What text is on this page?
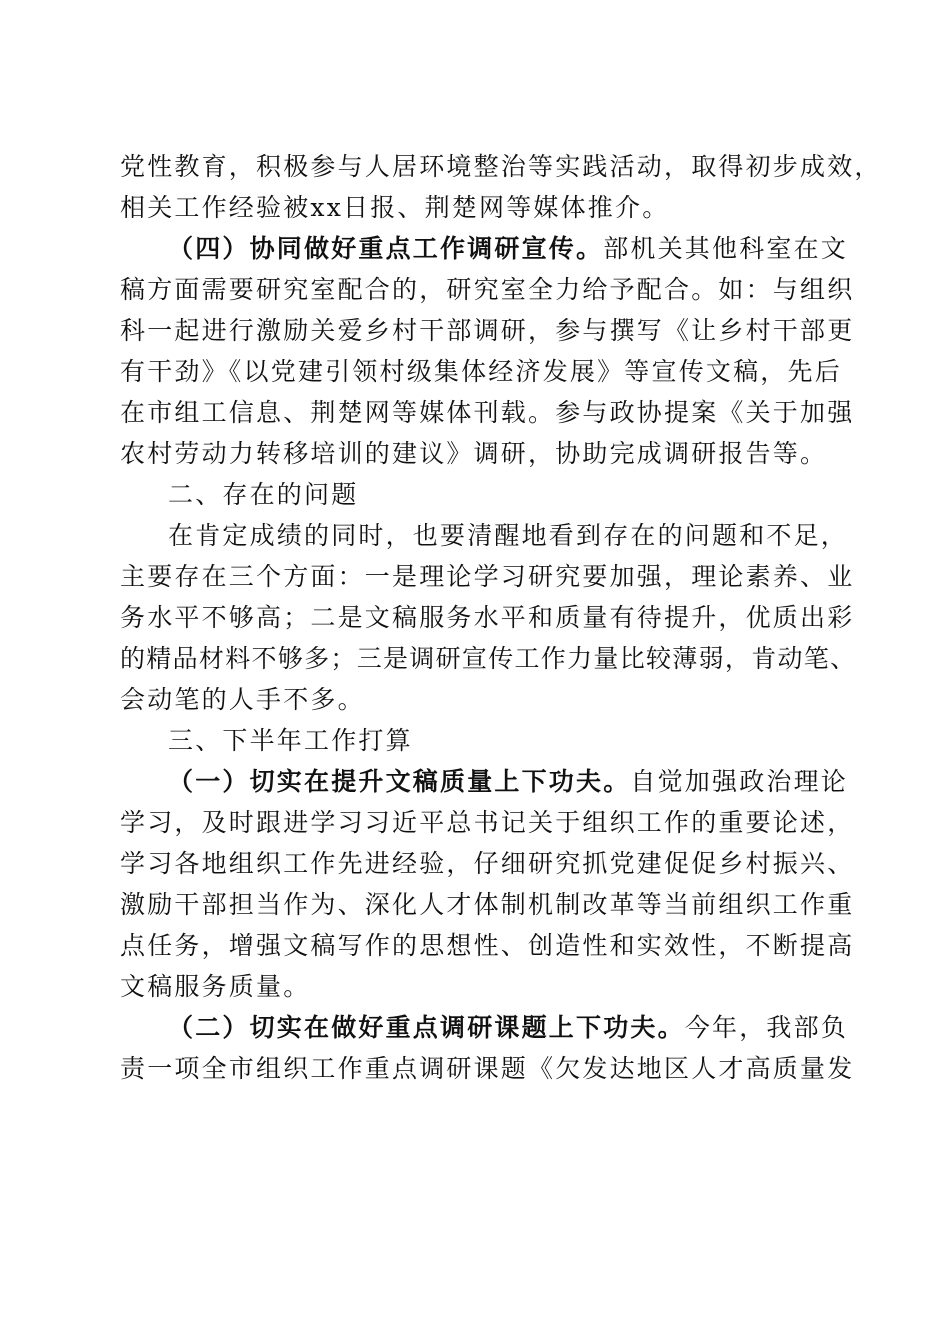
党性教育，积极参与人居环境整治等实践活动，取得初步成效，
相关工作经验被xx日报、荆楚网等媒体推介。
（四）协同做好重点工作调研宣传。部机关其他科室在文
稿方面需要研究室配合的，研究室全力给予配合。如：与组织
科一起进行激励关爱乡村干部调研，参与撰写《让乡村干部更
有干劲》《以党建引领村级集体经济发展》等宣传文稿，先后
在市组工信息、荆楚网等媒体刊载。参与政协提案《关于加强
农村劳动力转移培训的建议》调研，协助完成调研报告等。
二、存在的问题
在肯定成绩的同时，也要清醒地看到存在的问题和不足，
主要存在三个方面：一是理论学习研究要加强，理论素养、业
务水平不够高；二是文稿服务水平和质量有待提升，优质出彩
的精品材料不够多；三是调研宣传工作力量比较薄弱，肯动笔、
会动笔的人手不多。
三、下半年工作打算
（一）切实在提升文稿质量上下功夫。自觉加强政治理论
学习，及时跟进学习习近平总书记关于组织工作的重要论述，
学习各地组织工作先进经验，仔细研究抓党建促促乡村振兴、
激励干部担当作为、深化人才体制机制改革等当前组织工作重
点任务，增强文稿写作的思想性、创造性和实效性，不断提高
文稿服务质量。
（二）切实在做好重点调研课题上下功夫。今年，我部负
责一项全市组织工作重点调研课题《欠发达地区人才高质量发
